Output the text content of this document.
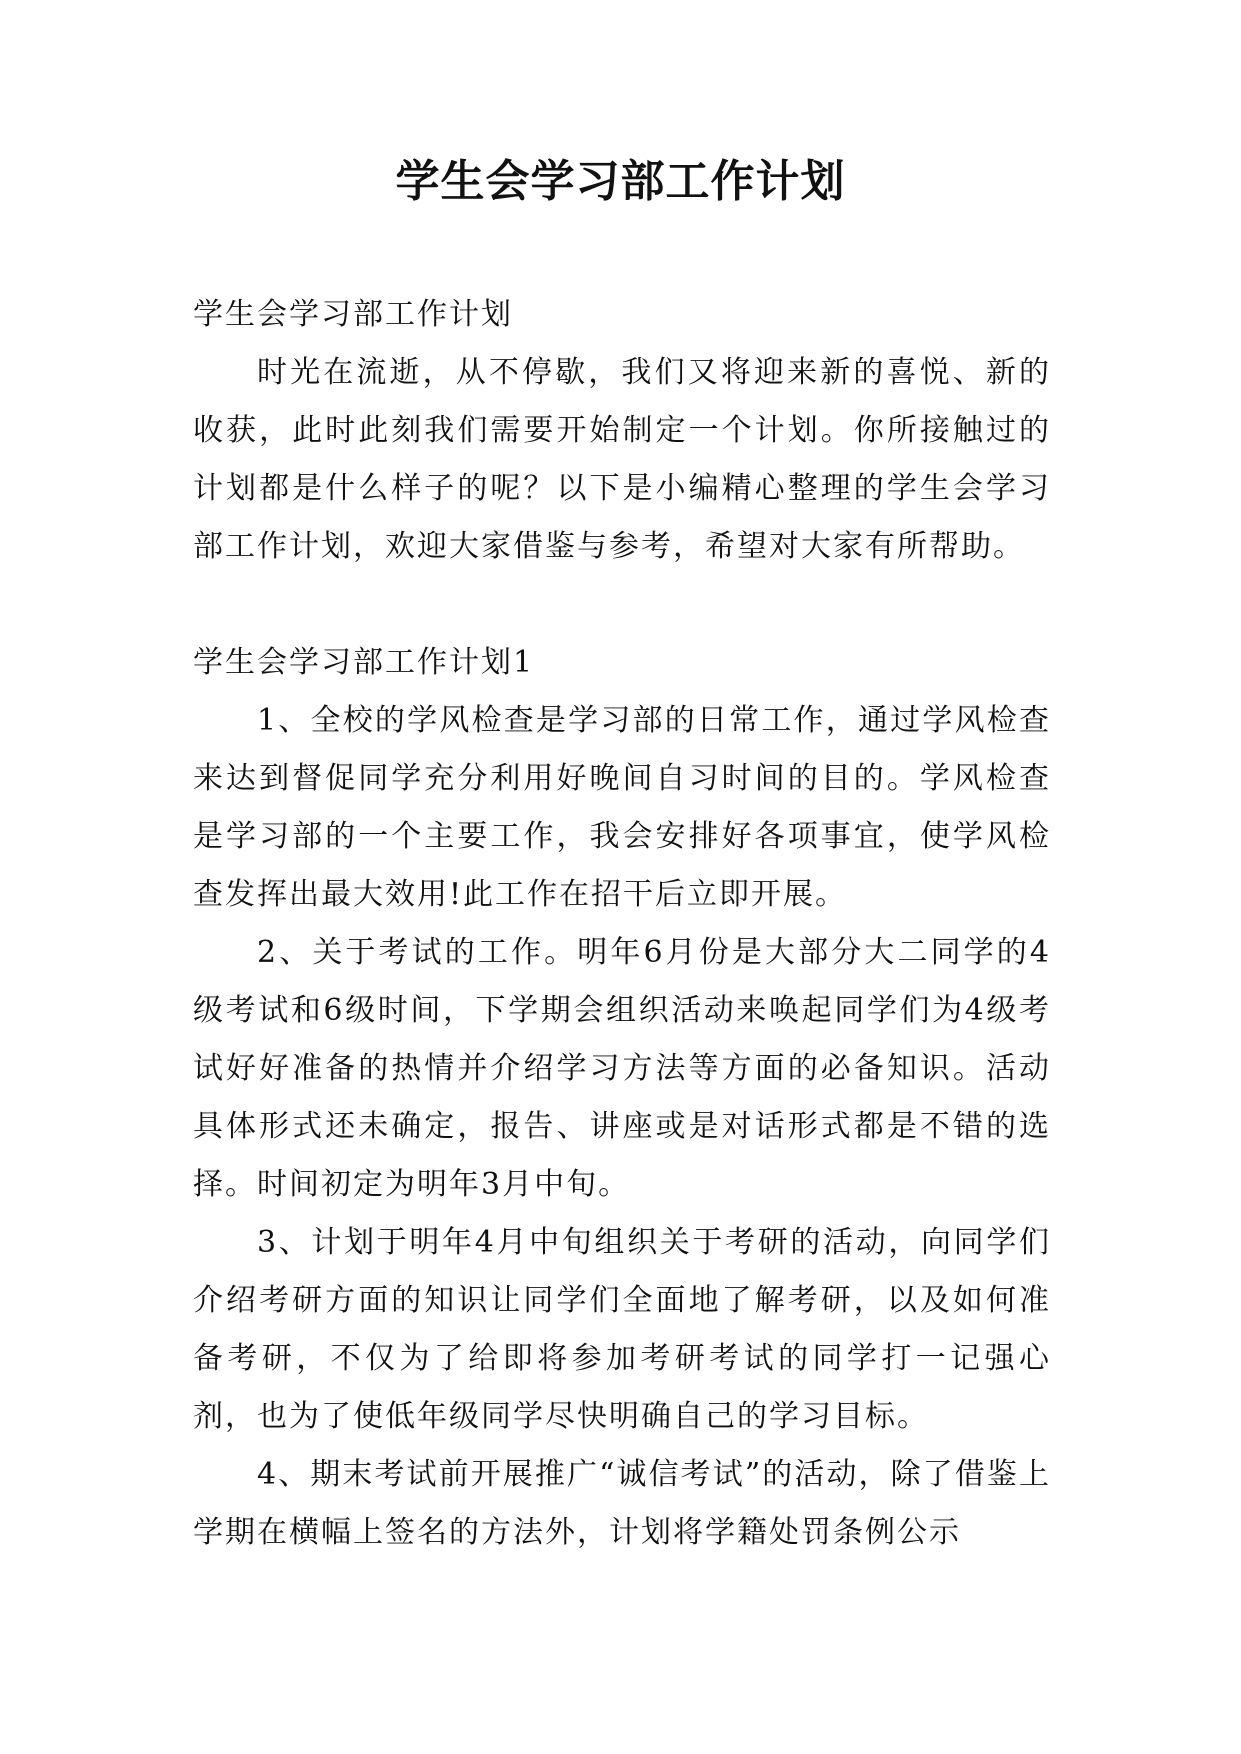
学生会学习部工作计划

学生会学习部工作计划

时光在流逝，从不停歇，我们又将迎来新的喜悦、新的收获，此时此刻我们需要开始制定一个计划。你所接触过的计划都是什么样子的呢？以下是小编精心整理的学生会学习部工作计划，欢迎大家借鉴与参考，希望对大家有所帮助。

学生会学习部工作计划1

1、全校的学风检查是学习部的日常工作，通过学风检查来达到督促同学充分利用好晚间自习时间的目的。学风检查是学习部的一个主要工作，我会安排好各项事宜，使学风检查发挥出最大效用!此工作在招干后立即开展。

2、关于考试的工作。明年6月份是大部分大二同学的4级考试和6级时间，下学期会组织活动来唤起同学们为4级考试好好准备的热情并介绍学习方法等方面的必备知识。活动具体形式还未确定，报告、讲座或是对话形式都是不错的选择。时间初定为明年3月中旬。

3、计划于明年4月中旬组织关于考研的活动，向同学们介绍考研方面的知识让同学们全面地了解考研，以及如何准备考研，不仅为了给即将参加考研考试的同学打一记强心剂，也为了使低年级同学尽快明确自己的学习目标。

4、期末考试前开展推广“诚信考试”的活动，除了借鉴上学期在横幅上签名的方法外，计划将学籍处罚条例公示
